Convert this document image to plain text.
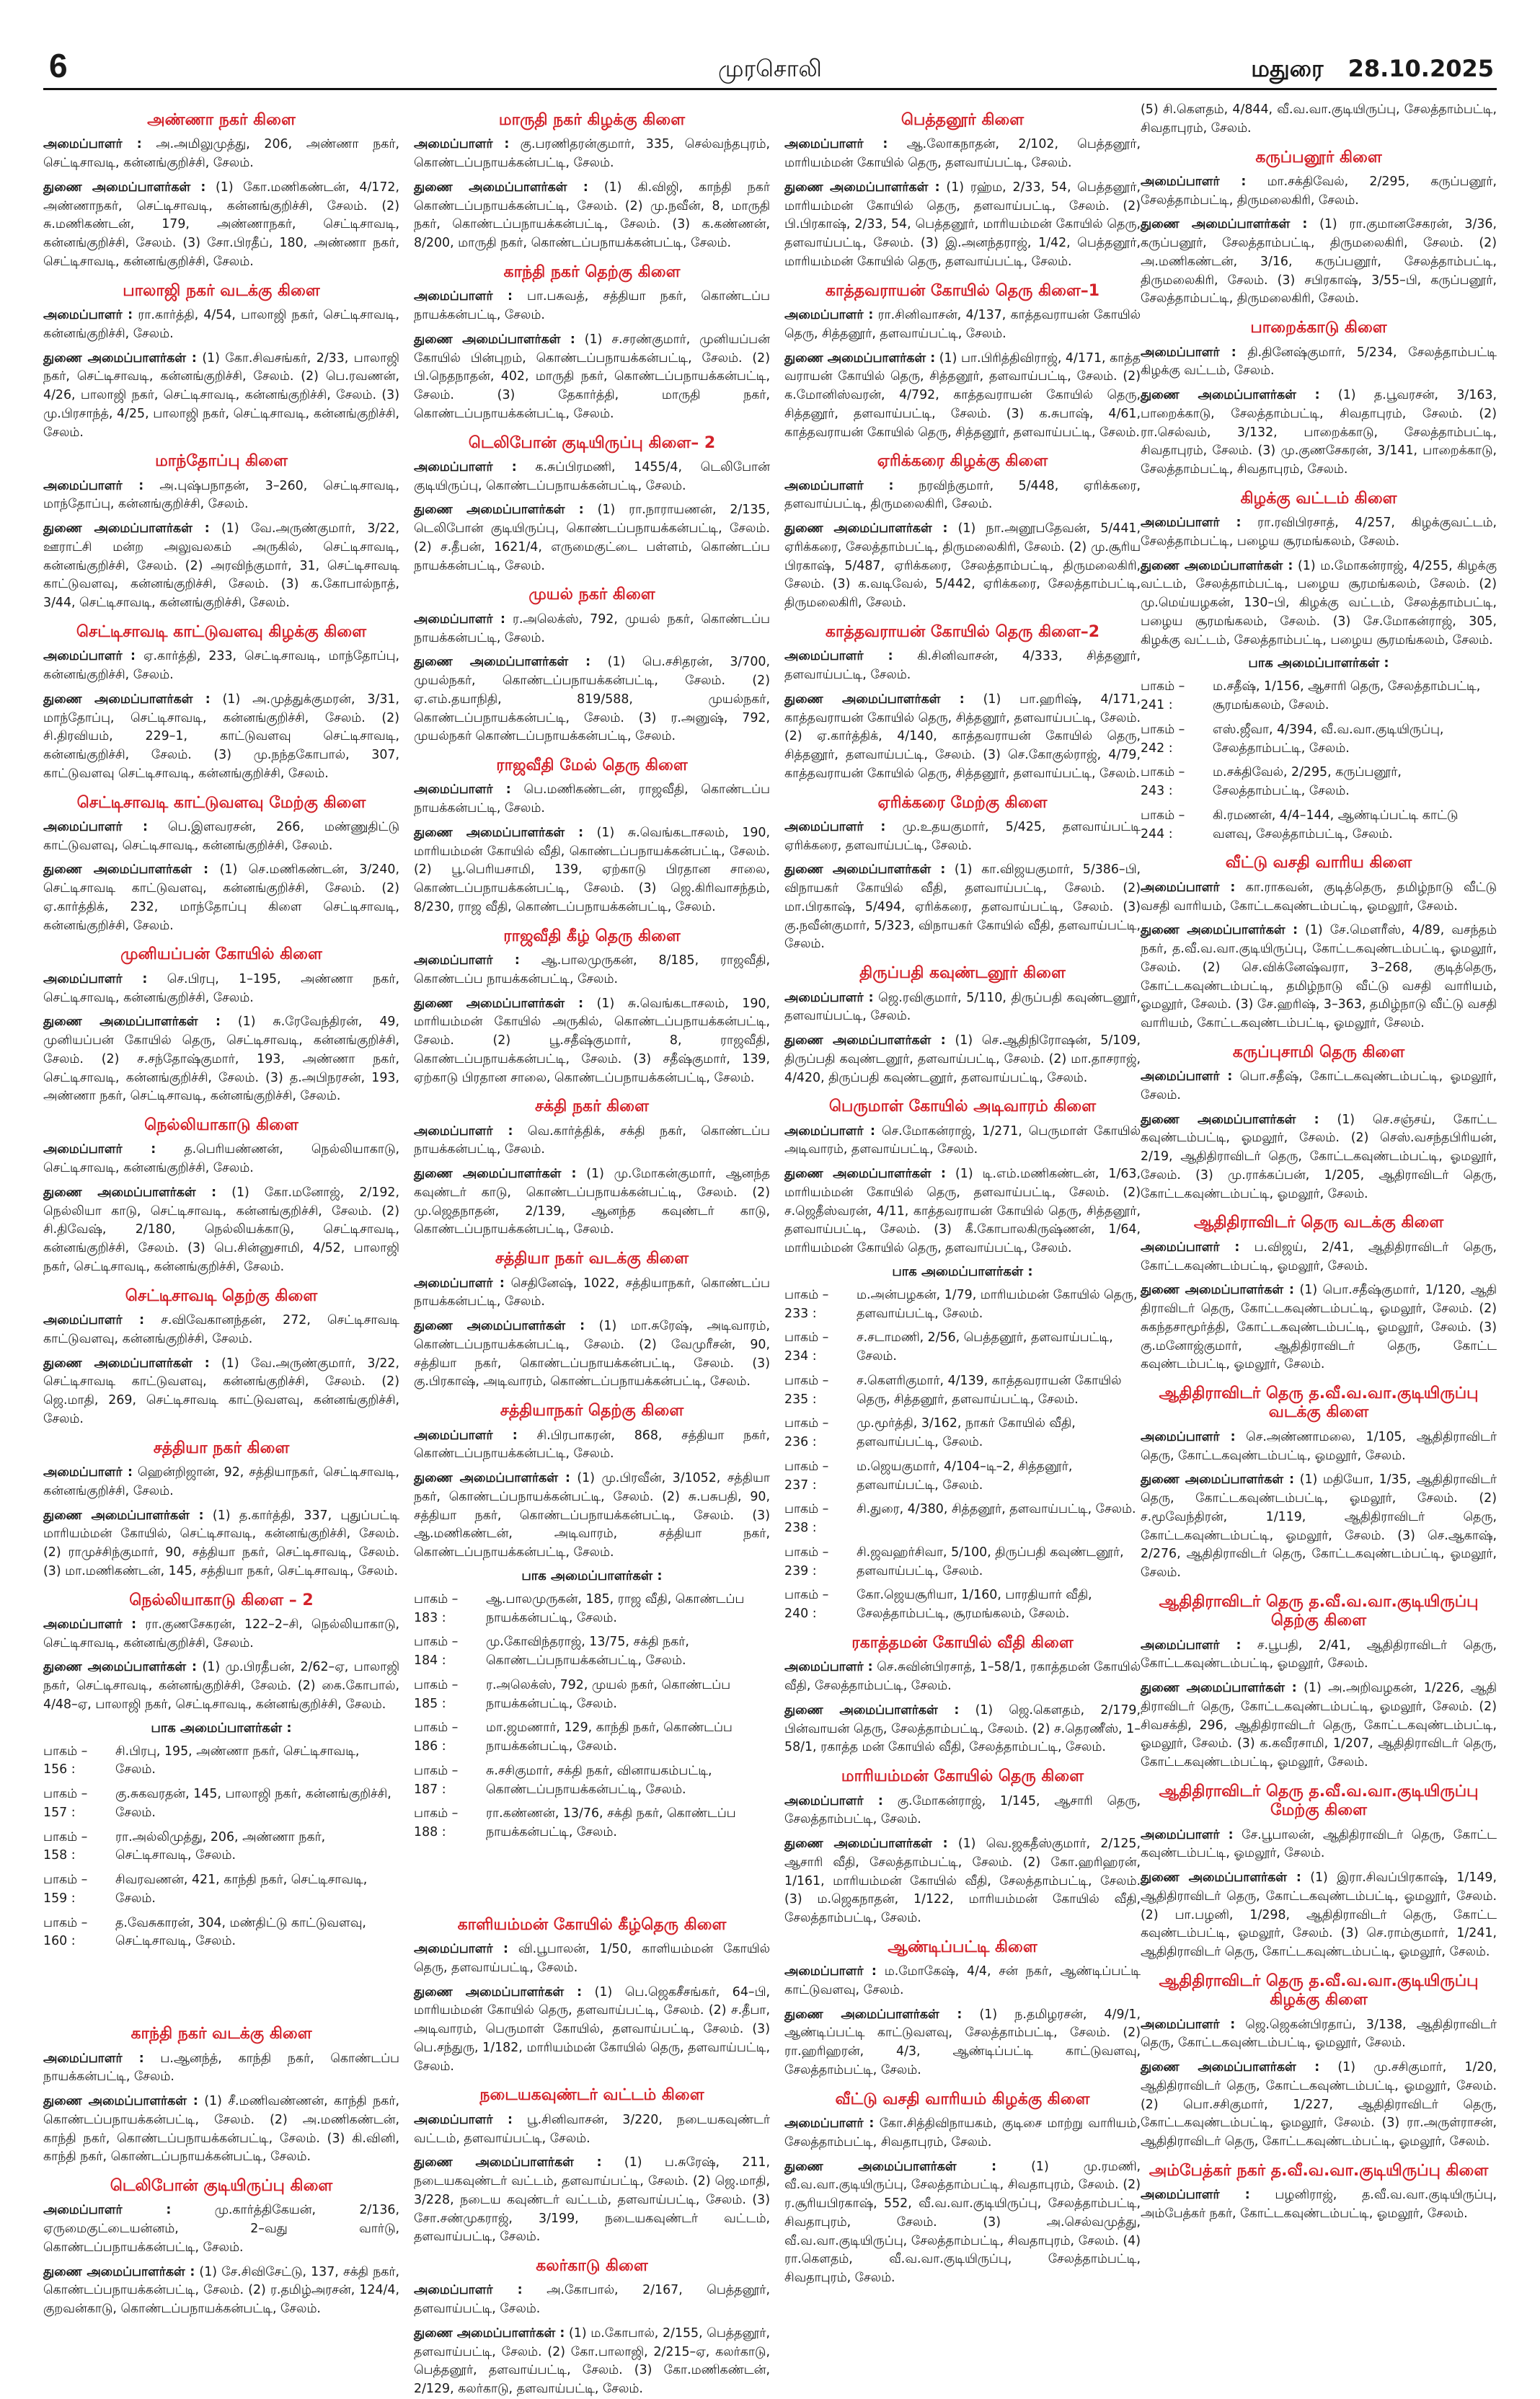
6	முரசொலி	மதுரை 28.10.2025
அண்ணா நகர் கிளை

அமைப்பாளர் : அ.அமிலுமுத்து, 206, அண்ணா நகர், செட்டிசாவடி, கன்னங்குறிச்சி, சேலம்.

துணை அமைப்பாளர்கள் : (1) கோ.மணிகண்டன், 4/172, அண்ணாநகர், செட்டிசாவடி, கன்னங்குறிச்சி, சேலம். (2) சு.மணிகண்டன், 179, அண்ணாநகர், செட்டிசாவடி, கன்னங்குறிச்சி, சேலம். (3) சோ.பிரதீப், 180, அண்ணா நகர், செட்டிசாவடி, கன்னங்குறிச்சி, சேலம்.

பாலாஜி நகர் வடக்கு கிளை

அமைப்பாளர் : ரா.கார்த்தி, 4/54, பாலாஜி நகர், செட்டிசாவடி, கன்னங்குறிச்சி, சேலம்.

துணை அமைப்பாளர்கள் : (1) கோ.சிவசங்கர், 2/33, பாலாஜி நகர், செட்டிசாவடி, கன்னங்குறிச்சி, சேலம். (2) பெ.ரவணன், 4/26, பாலாஜி நகர், செட்டிசாவடி, கன்னங்குறிச்சி, சேலம். (3) மு.பிரசாந்த், 4/25, பாலாஜி நகர், செட்டிசாவடி, கன்னங்குறிச்சி, சேலம்.

மாந்தோப்பு கிளை

அமைப்பாளர் : அ.புஷ்பநாதன், 3–260, செட்டிசாவடி, மாந்தோப்பு, கன்னங்குறிச்சி, சேலம்.

துணை அமைப்பாளர்கள் : (1) வே.அருண்குமார், 3/22, ஊராட்சி மன்ற அலுவலகம் அருகில், செட்டிசாவடி, கன்னங்குறிச்சி, சேலம். (2) அரவிந்குமார், 31, செட்டிசாவடி காட்டுவளவு, கன்னங்குறிச்சி, சேலம். (3) க.கோபால்நாத், 3/44, செட்டிசாவடி, கன்னங்குறிச்சி, சேலம்.

செட்டிசாவடி காட்டுவளவு கிழக்கு கிளை

அமைப்பாளர் : ஏ.கார்த்தி, 233, செட்டிசாவடி, மாந்தோப்பு, கன்னங்குறிச்சி, சேலம்.

துணை அமைப்பாளர்கள் : (1) அ.முத்துக்குமரன், 3/31, மாந்தோப்பு, செட்டிசாவடி, கன்னங்குறிச்சி, சேலம். (2) சி.திரவியம், 229–1, காட்டுவளவு செட்டிசாவடி, கன்னங்குறிச்சி, சேலம். (3) மு.நந்தகோபால், 307, காட்டுவளவு செட்டிசாவடி, கன்னங்குறிச்சி, சேலம்.

செட்டிசாவடி காட்டுவளவு மேற்கு கிளை

அமைப்பாளர் : பெ.இளவரசன், 266, மண்ணுதிட்டு காட்டுவளவு, செட்டிசாவடி, கன்னங்குறிச்சி, சேலம்.

துணை அமைப்பாளர்கள் : (1) செ.மணிகண்டன், 3/240, செட்டிசாவடி காட்டுவளவு, கன்னங்குறிச்சி, சேலம். (2) ஏ.கார்த்திக், 232, மாந்தோப்பு கிளை செட்டிசாவடி, கன்னங்குறிச்சி, சேலம்.

முனியப்பன் கோயில் கிளை

அமைப்பாளர் : செ.பிரபு, 1–195, அண்ணா நகர், செட்டிசாவடி, கன்னங்குறிச்சி, சேலம்.

துணை அமைப்பாளர்கள் : (1) சு.ரேவேந்திரன், 49, முனியப்பன் கோயில் தெரு, செட்டிசாவடி, கன்னங்குறிச்சி, சேலம். (2) ச.சந்தோஷ்குமார், 193, அண்ணா நகர், செட்டிசாவடி, கன்னங்குறிச்சி, சேலம். (3) த.அபிநரசன், 193, அண்ணா நகர், செட்டிசாவடி, கன்னங்குறிச்சி, சேலம்.

நெல்லியாகாடு கிளை

அமைப்பாளர் : த.பெரியண்ணன், நெல்லியாகாடு, செட்டிசாவடி, கன்னங்குறிச்சி, சேலம்.

துணை அமைப்பாளர்கள் : (1) கோ.மனோஜ், 2/192, நெல்லியா காடு, செட்டிசாவடி, கன்னங்குறிச்சி, சேலம். (2) சி.திவேஷ், 2/180, நெல்லியக்காடு, செட்டிசாவடி, கன்னங்குறிச்சி, சேலம். (3) பெ.சின்னுசாமி, 4/52, பாலாஜி நகர், செட்டிசாவடி, கன்னங்குறிச்சி, சேலம்.

செட்டிசாவடி தெற்கு கிளை

அமைப்பாளர் : ச.விவேகானந்தன், 272, செட்டிசாவடி காட்டுவளவு, கன்னங்குறிச்சி, சேலம்.

துணை அமைப்பாளர்கள் : (1) வே.அருண்குமார், 3/22, செட்டிசாவடி காட்டுவளவு, கன்னங்குறிச்சி, சேலம். (2) ஜெ.மாதி, 269, செட்டிசாவடி காட்டுவளவு, கன்னங்குறிச்சி, சேலம்.

சத்தியா நகர் கிளை

அமைப்பாளர் : ஹென்றிஜான், 92, சத்தியாநகர், செட்டிசாவடி, கன்னங்குறிச்சி, சேலம்.

துணை அமைப்பாளர்கள் : (1) த.கார்த்தி, 337, புதுப்பட்டி மாரியம்மன் கோயில், செட்டிசாவடி, கன்னங்குறிச்சி, சேலம். (2) ராமுச்சிந்குமார், 90, சத்தியா நகர், செட்டிசாவடி, சேலம். (3) மா.மணிகண்டன், 145, சத்தியா நகர், செட்டிசாவடி, சேலம்.

நெல்லியாகாடு கிளை – 2

அமைப்பாளர் : ரா.குணசேகரன், 122–2–சி, நெல்லியாகாடு, செட்டிசாவடி, கன்னங்குறிச்சி, சேலம்.

துணை அமைப்பாளர்கள் : (1) மு.பிரதீபன், 2/62–ஏ, பாலாஜி நகர், செட்டிசாவடி, கன்னங்குறிச்சி, சேலம். (2) கை.கோபால், 4/48–ஏ, பாலாஜி நகர், செட்டிசாவடி, கன்னங்குறிச்சி, சேலம்.

பாக அமைப்பாளர்கள் :
பாகம் – 156 :
சி.பிரபு, 195, அண்ணா நகர், செட்டிசாவடி, சேலம்.
பாகம் – 157 :
கு.சுகவரதன், 145, பாலாஜி நகர், கன்னங்குறிச்சி, சேலம்.
பாகம் – 158 :
ரா.அல்லிமுத்து, 206, அண்ணா நகர், செட்டிசாவடி, சேலம்.
பாகம் – 159 :
சிவரவணன், 421, காந்தி நகர், செட்டிசாவடி, சேலம்.
பாகம் – 160 :
த.வேசுகாரன், 304, மண்திட்டு காட்டுவளவு, செட்டிசாவடி, சேலம்.
காந்தி நகர் வடக்கு கிளை

அமைப்பாளர் : ப.ஆனந்த், காந்தி நகர், கொண்டப்ப நாயக்கன்பட்டி, சேலம்.

துணை அமைப்பாளர்கள் : (1) சீ.மணிவண்ணன், காந்தி நகர், கொண்டப்பநாயக்கன்பட்டி, சேலம். (2) அ.மணிகண்டன், காந்தி நகர், கொண்டப்பநாயக்கன்பட்டி, சேலம். (3) கி.வினி, காந்தி நகர், கொண்டப்பநாயக்கன்பட்டி, சேலம்.

டெலிபோன் குடியிருப்பு கிளை

அமைப்பாளர் :	மு.கார்த்திகேயன், 2/136, ஏருமைகுட்டையன்னம், 2–வது வார்டு, கொண்டப்பநாயக்கன்பட்டி, சேலம்.

துணை அமைப்பாளர்கள் : (1) சே.சிவிசேட்டு, 137, சக்தி நகர், கொண்டப்பநாயக்கன்பட்டி, சேலம். (2) ர.தமிழ்அரசன், 124/4, குறவன்காடு, கொண்டப்பநாயக்கன்பட்டி, சேலம்.

மாருதி நகர் கிழக்கு கிளை

அமைப்பாளர் : கு.பரணிதரன்குமார், 335, செல்வந்தபுரம், கொண்டப்பநாயக்கன்பட்டி, சேலம்.

துணை அமைப்பாளர்கள் : (1) கி.விஜி, காந்தி நகர் கொண்டப்பநாயக்கன்பட்டி, சேலம். (2) மு.நவீன், 8, மாருதி நகர், கொண்டப்பநாயக்கன்பட்டி, சேலம். (3) க.கண்ணன், 8/200, மாருதி நகர், கொண்டப்பநாயக்கன்பட்டி, சேலம்.

காந்தி நகர் தெற்கு கிளை

அமைப்பாளர் : பா.பசுவத், சத்தியா நகர், கொண்டப்ப நாயக்கன்பட்டி, சேலம்.

துணை அமைப்பாளர்கள் : (1) ச.சரண்குமார், முனியப்பன் கோயில் பின்புறம், கொண்டப்பநாயக்கன்பட்டி, சேலம். (2) பி.நெதநாதன், 402, மாருதி நகர், கொண்டப்பநாயக்கன்பட்டி, சேலம். (3) தேகார்த்தி, மாருதி நகர், கொண்டப்பநாயக்கன்பட்டி, சேலம்.

டெலிபோன் குடியிருப்பு கிளை– 2

அமைப்பாளர் : க.சுப்பிரமணி, 1455/4, டெலிபோன் குடியிருப்பு, கொண்டப்பநாயக்கன்பட்டி, சேலம்.

துணை அமைப்பாளர்கள் : (1) ரா.நாராயணன், 2/135, டெலிபோன் குடியிருப்பு, கொண்டப்பநாயக்கன்பட்டி, சேலம். (2) ச.தீபன், 1621/4, எருமைகுட்டை பள்ளம், கொண்டப்ப நாயக்கன்பட்டி, சேலம்.

முயல் நகர் கிளை

அமைப்பாளர் : ர.அலெக்ஸ், 792, முயல் நகர், கொண்டப்ப நாயக்கன்பட்டி, சேலம்.

துணை அமைப்பாளர்கள் : (1) பெ.சசிதரன், 3/700, முயல்நகர், கொண்டப்பநாயக்கன்பட்டி, சேலம். (2) ஏ.எம்.தயாநிதி, 819/588, முயல்நகர், கொண்டப்பநாயக்கன்பட்டி, சேலம். (3) ர.அனுஷ், 792, முயல்நகர் கொண்டப்பநாயக்கன்பட்டி, சேலம்.

ராஜவீதி மேல் தெரு கிளை

அமைப்பாளர் : பெ.மணிகண்டன், ராஜவீதி, கொண்டப்ப நாயக்கன்பட்டி, சேலம்.

துணை அமைப்பாளர்கள் : (1) சு.வெங்கடாசலம், 190, மாரியம்மன் கோயில் வீதி, கொண்டப்பநாயக்கன்பட்டி, சேலம். (2) பூ.பெரியசாமி, 139, ஏற்காடு பிரதான சாலை, கொண்டப்பநாயக்கன்பட்டி, சேலம். (3) ஜெ.கிரிவாசந்தம், 8/230, ராஜ வீதி, கொண்டப்பநாயக்கன்பட்டி, சேலம்.

ராஜவீதி கீழ் தெரு கிளை

அமைப்பாளர் : ஆ.பாலமுருகன், 8/185, ராஜவீதி, கொண்டப்ப நாயக்கன்பட்டி, சேலம்.

துணை அமைப்பாளர்கள் : (1) சு.வெங்கடாசலம், 190, மாரியம்மன் கோயில் அருகில், கொண்டப்பநாயக்கன்பட்டி, சேலம். (2) பூ.சதீஷ்குமார், 8, ராஜவீதி, கொண்டப்பநாயக்கன்பட்டி, சேலம். (3) சதீஷ்குமார், 139, ஏற்காடு பிரதான சாலை, கொண்டப்பநாயக்கன்பட்டி, சேலம்.

சக்தி நகர் கிளை

அமைப்பாளர் : வெ.கார்த்திக், சக்தி நகர், கொண்டப்ப நாயக்கன்பட்டி, சேலம்.

துணை அமைப்பாளர்கள் : (1) மு.மோகன்குமார், ஆனந்த கவுண்டர் காடு, கொண்டப்பநாயக்கன்பட்டி, சேலம். (2) மு.ஜெதநாதன், 2/139, ஆனந்த கவுண்டர் காடு, கொண்டப்பநாயக்கன்பட்டி, சேலம்.

சத்தியா நகர் வடக்கு கிளை

அமைப்பாளர் : செதினேஷ், 1022, சத்தியாநகர், கொண்டப்ப நாயக்கன்பட்டி, சேலம்.

துணை அமைப்பாளர்கள் : (1) மா.சுரேஷ், அடிவாரம், கொண்டப்பநாயக்கன்பட்டி, சேலம். (2) வேமுரீசன், 90, சத்தியா நகர், கொண்டப்பநாயக்கன்பட்டி, சேலம். (3) கு.பிரகாஷ், அடிவாரம், கொண்டப்பநாயக்கன்பட்டி, சேலம்.

சத்தியாநகர் தெற்கு கிளை

அமைப்பாளர் : சி.பிரபாகரன், 868, சத்தியா நகர், கொண்டப்பநாயக்கன்பட்டி, சேலம்.

துணை அமைப்பாளர்கள் : (1) மு.பிரவீன், 3/1052, சத்தியா நகர், கொண்டப்பநாயக்கன்பட்டி, சேலம். (2) சு.பசுபதி, 90, சத்தியா நகர், கொண்டப்பநாயக்கன்பட்டி, சேலம். (3) ஆ.மணிகண்டன், அடிவாரம், சத்தியா நகர், கொண்டப்பநாயக்கன்பட்டி, சேலம்.

பாக அமைப்பாளர்கள் :
பாகம் – 183 :
ஆ.பாலமுருகன், 185, ராஜ வீதி, கொண்டப்ப நாயக்கன்பட்டி, சேலம்.
பாகம் – 184 :
மு.கோவிந்தராஜ், 13/75, சக்தி நகர், கொண்டப்பநாயக்கன்பட்டி, சேலம்.
பாகம் – 185 :
ர.அலெக்ஸ், 792, முயல் நகர், கொண்டப்ப நாயக்கன்பட்டி, சேலம்.
பாகம் – 186 :
மா.ஜமணார், 129, காந்தி நகர், கொண்டப்ப நாயக்கன்பட்டி, சேலம்.
பாகம் – 187 :
சு.சசிகுமார், சக்தி நகர், வினாயகம்பட்டி, கொண்டப்பநாயக்கன்பட்டி, சேலம்.
பாகம் – 188 :
ரா.கண்ணன், 13/76, சக்தி நகர், கொண்டப்ப நாயக்கன்பட்டி, சேலம்.
காளியம்மன் கோயில் கீழ்தெரு கிளை

அமைப்பாளர் : வி.பூபாலன், 1/50, காளியம்மன் கோயில் தெரு, தளவாய்பட்டி, சேலம்.

துணை அமைப்பாளர்கள் : (1) பெ.ஜெகசீசங்கர், 64–பி, மாரியம்மன் கோயில் தெரு, தளவாய்பட்டி, சேலம். (2) ச.தீபா, அடிவாரம், பெருமாள் கோயில், தளவாய்பட்டி, சேலம். (3) பெ.சந்துரு, 1/182, மாரியம்மன் கோயில் தெரு, தளவாய்பட்டி, சேலம்.

நடையகவுண்டர் வட்டம் கிளை

அமைப்பாளர் : பூ.சினிவாசன், 3/220, நடையகவுண்டர் வட்டம், தளவாய்பட்டி, சேலம்.

துணை அமைப்பாளர்கள் : (1) ப.சுரேஷ், 211, நடையகவுண்டர் வட்டம், தளவாய்பட்டி, சேலம். (2) ஜெ.மாதி, 3/228, நடைய கவுண்டர் வட்டம், தளவாய்பட்டி, சேலம். (3) சோ.சண்முகராஜ், 3/199, நடையகவுண்டர் வட்டம், தளவாய்பட்டி, சேலம்.

கலர்காடு கிளை

அமைப்பாளர் : அ.கோபால், 2/167, பெத்தனூர், தளவாய்பட்டி, சேலம்.

துணை அமைப்பாளர்கள் : (1) ம.கோபால், 2/155, பெத்தனூர், தளவாய்பட்டி, சேலம். (2) கோ.பாலாஜி, 2/215–ஏ, கலர்காடு, பெத்தனூர், தளவாய்பட்டி, சேலம். (3) கோ.மணிகண்டன், 2/129, கலர்காடு, தளவாய்பட்டி, சேலம்.

பெத்தனூர் கிளை

அமைப்பாளர் : ஆ.லோகநாதன், 2/102, பெத்தனூர், மாரியம்மன் கோயில் தெரு, தளவாய்பட்டி, சேலம்.

துணை அமைப்பாளர்கள் : (1) ரஹ்ம, 2/33, 54, பெத்தனூர், மாரியம்மன் கோயில் தெரு, தளவாய்பட்டி, சேலம். (2) பி.பிரகாஷ், 2/33, 54, பெத்தனூர், மாரியம்மன் கோயில் தெரு, தளவாய்பட்டி, சேலம். (3) இ.அனந்தராஜ், 1/42, பெத்தனூர், மாரியம்மன் கோயில் தெரு, தளவாய்பட்டி, சேலம்.

காத்தவராயன் கோயில் தெரு கிளை–1

அமைப்பாளர் : ரா.சினிவாசன், 4/137, காத்தவராயன் கோயில் தெரு, சித்தனூர், தளவாய்பட்டி, சேலம்.

துணை அமைப்பாளர்கள் : (1) பா.பிரித்திவிராஜ், 4/171, காத்த வராயன் கோயில் தெரு, சித்தனூர், தளவாய்பட்டி, சேலம். (2) க.மோனிஸ்வரன், 4/792, காத்தவராயன் கோயில் தெரு, சித்தனூர், தளவாய்பட்டி, சேலம். (3) க.சுபாஷ், 4/61, காத்தவராயன் கோயில் தெரு, சித்தனூர், தளவாய்பட்டி, சேலம்.

ஏரிக்கரை கிழக்கு கிளை

அமைப்பாளர் : நரவிந்குமார், 5/448, ஏரிக்கரை, தளவாய்பட்டி, திருமலைகிரி, சேலம்.

துணை அமைப்பாளர்கள் : (1) நா.அனூபதேவன், 5/441, ஏரிக்கரை, சேலத்தாம்பட்டி, திருமலைகிரி, சேலம். (2) மு.சூரிய பிரகாஷ், 5/487, ஏரிக்கரை, சேலத்தாம்பட்டி, திருமலைகிரி, சேலம். (3) க.வடிவேல், 5/442, ஏரிக்கரை, சேலத்தாம்பட்டி, திருமலைகிரி, சேலம்.

காத்தவராயன் கோயில் தெரு கிளை–2

அமைப்பாளர் : கி.சினிவாசன், 4/333, சித்தனூர், தளவாய்பட்டி, சேலம்.

துணை அமைப்பாளர்கள் : (1) பா.ஹரிஷ், 4/171, காத்தவராயன் கோயில் தெரு, சித்தனூர், தளவாய்பட்டி, சேலம். (2) ஏ.கார்த்திக், 4/140, காத்தவராயன் கோயில் தெரு, சித்தனூர், தளவாய்பட்டி, சேலம். (3) செ.கோகுல்ராஜ், 4/79, காத்தவராயன் கோயில் தெரு, சித்தனூர், தளவாய்பட்டி, சேலம்.

ஏரிக்கரை மேற்கு கிளை

அமைப்பாளர் : மு.உதயகுமார், 5/425, தளவாய்பட்டி ஏரிக்கரை, தளவாய்பட்டி, சேலம்.

துணை அமைப்பாளர்கள் : (1) கா.விஜயகுமார், 5/386–பி, விநாயகர் கோயில் வீதி, தளவாய்பட்டி, சேலம். (2) மா.பிரகாஷ், 5/494, ஏரிக்கரை, தளவாய்பட்டி, சேலம். (3) கு.நவீன்குமார், 5/323, விநாயகர் கோயில் வீதி, தளவாய்பட்டி, சேலம்.

திருப்பதி கவுண்டனூர் கிளை

அமைப்பாளர் : ஜெ.ரவிகுமார், 5/110, திருப்பதி கவுண்டனூர், தளவாய்பட்டி, சேலம்.

துணை அமைப்பாளர்கள் : (1) செ.ஆதிநிரோஷன், 5/109, திருப்பதி கவுண்டனூர், தளவாய்பட்டி, சேலம். (2) மா.தாசராஜ், 4/420, திருப்பதி கவுண்டனூர், தளவாய்பட்டி, சேலம்.

பெருமாள் கோயில் அடிவாரம் கிளை

அமைப்பாளர் : செ.மோகன்ராஜ், 1/271, பெருமாள் கோயில் அடிவாரம், தளவாய்பட்டி, சேலம்.

துணை அமைப்பாளர்கள் : (1) டி.எம்.மணிகண்டன், 1/63, மாரியம்மன் கோயில் தெரு, தளவாய்பட்டி, சேலம். (2) ச.ஜெதீஸ்வரன், 4/11, காத்தவராயன் கோயில் தெரு, சித்தனூர், தளவாய்பட்டி, சேலம். (3) கீ.கோபாலகிருஷ்ணன், 1/64, மாரியம்மன் கோயில் தெரு, தளவாய்பட்டி, சேலம்.

பாக அமைப்பாளர்கள் :
பாகம் – 233 :
ம.அன்பழகன், 1/79, மாரியம்மன் கோயில் தெரு, தளவாய்பட்டி, சேலம்.
பாகம் – 234 :
ச.சடாமணி, 2/56, பெத்தனூர், தளவாய்பட்டி, சேலம்.
பாகம் – 235 :
ச.கௌரிகுமார், 4/139, காத்தவராயன் கோயில் தெரு, சித்தனூர், தளவாய்பட்டி, சேலம்.
பாகம் – 236 :
மு.மூர்த்தி, 3/162, நாகர் கோயில் வீதி, தளவாய்பட்டி, சேலம்.
பாகம் – 237 :
ம.ஜெயகுமார், 4/104–டி–2, சித்தனூர், தளவாய்பட்டி, சேலம்.
பாகம் – 238 :
சி.துரை, 4/380, சித்தனூர், தளவாய்பட்டி, சேலம்.
பாகம் – 239 :
சி.ஜவஹர்சிவா, 5/100, திருப்பதி கவுண்டனூர், தளவாய்பட்டி, சேலம்.
பாகம் – 240 :
கோ.ஜெயசூரியா, 1/160, பாரதியார் வீதி, சேலத்தாம்பட்டி, சூரமங்கலம், சேலம்.
ரகாத்தமன் கோயில் வீதி கிளை

அமைப்பாளர் : செ.சுவின்பிரசாத், 1–58/1, ரகாத்தமன் கோயில் வீதி, சேலத்தாம்பட்டி, சேலம்.

துணை அமைப்பாளர்கள் : (1) ஜெ.கௌதம், 2/179, பின்வாயன் தெரு, சேலத்தாம்பட்டி, சேலம். (2) ச.தெரணீஸ், 1–58/1, ரகாத்த மன் கோயில் வீதி, சேலத்தாம்பட்டி, சேலம்.

மாரியம்மன் கோயில் தெரு கிளை

அமைப்பாளர் : கு.மோகன்ராஜ், 1/145, ஆசாரி தெரு, சேலத்தாம்பட்டி, சேலம்.

துணை அமைப்பாளர்கள் : (1) வெ.ஜகதீஸ்குமார், 2/125, ஆசாரி வீதி, சேலத்தாம்பட்டி, சேலம். (2) கோ.ஹரிஹரன், 1/161, மாரியம்மன் கோயில் வீதி, சேலத்தாம்பட்டி, சேலம். (3) ம.ஜெகநாதன், 1/122, மாரியம்மன் கோயில் வீதி, சேலத்தாம்பட்டி, சேலம்.

ஆண்டிப்பட்டி கிளை

அமைப்பாளர் : ம.மோகேஷ், 4/4, சன் நகர், ஆண்டிப்பட்டி காட்டுவளவு, சேலம்.

துணை அமைப்பாளர்கள் : (1) ந.தமிழரசன், 4/9/1, ஆண்டிப்பட்டி காட்டுவளவு, சேலத்தாம்பட்டி, சேலம். (2) ரா.ஹரிஹரன், 4/3, ஆண்டிப்பட்டி காட்டுவளவு, சேலத்தாம்பட்டி, சேலம்.

வீட்டு வசதி வாரியம் கிழக்கு கிளை

அமைப்பாளர் : கோ.சித்திவிநாயகம், குடிசை மாற்று வாரியம், சேலத்தாம்பட்டி, சிவதாபுரம், சேலம்.

துணை அமைப்பாளர்கள் :	(1) மு.ரமணி, வீ.வ.வா.குடியிருப்பு, சேலத்தாம்பட்டி, சிவதாபுரம், சேலம். (2) ர.சூரியபிரகாஷ், 552, வீ.வ.வா.குடியிருப்பு, சேலத்தாம்பட்டி, சிவதாபுரம், சேலம். (3) அ.செல்வமுத்து, வீ.வ.வா.குடியிருப்பு, சேலத்தாம்பட்டி, சிவதாபுரம், சேலம். (4) ரா.கௌதம், வீ.வ.வா.குடியிருப்பு, சேலத்தாம்பட்டி, சிவதாபுரம், சேலம்.

(5) சி.கௌதம், 4/844, வீ.வ.வா.குடியிருப்பு, சேலத்தாம்பட்டி, சிவதாபுரம், சேலம்.

கருப்பனூர் கிளை

அமைப்பாளர் : மா.சக்திவேல், 2/295, கருப்பனூர், சேலத்தாம்பட்டி, திருமலைகிரி, சேலம்.

துணை அமைப்பாளர்கள் : (1) ரா.குமானசேகரன், 3/36, கருப்பனூர், சேலத்தாம்பட்டி, திருமலைகிரி, சேலம். (2) அ.மணிகண்டன், 3/16, கருப்பனூர், சேலத்தாம்பட்டி, திருமலைகிரி, சேலம். (3) சபிரகாஷ், 3/55–பி, கருப்பனூர், சேலத்தாம்பட்டி, திருமலைகிரி, சேலம்.

பாறைக்காடு கிளை

அமைப்பாளர் : தி.தினேஷ்குமார், 5/234, சேலத்தாம்பட்டி கிழக்கு வட்டம், சேலம்.

துணை அமைப்பாளர்கள் : (1) த.பூவரசன், 3/163, பாறைக்காடு, சேலத்தாம்பட்டி, சிவதாபுரம், சேலம். (2) ரா.செல்வம், 3/132, பாறைக்காடு, சேலத்தாம்பட்டி, சிவதாபுரம், சேலம். (3) மு.குணசேகரன், 3/141, பாறைக்காடு, சேலத்தாம்பட்டி, சிவதாபுரம், சேலம்.

கிழக்கு வட்டம் கிளை

அமைப்பாளர் : ரா.ரவிபிரசாத், 4/257, கிழக்குவட்டம், சேலத்தாம்பட்டி, பழைய சூரமங்கலம், சேலம்.

துணை அமைப்பாளர்கள் : (1) ம.மோகன்ராஜ், 4/255, கிழக்கு வட்டம், சேலத்தாம்பட்டி, பழைய சூரமங்கலம், சேலம். (2) மு.மெய்யழகன், 130–பி, கிழக்கு வட்டம், சேலத்தாம்பட்டி, பழைய சூரமங்கலம், சேலம். (3) சே.மோகன்ராஜ், 305, கிழக்கு வட்டம், சேலத்தாம்பட்டி, பழைய சூரமங்கலம், சேலம்.

பாக அமைப்பாளர்கள் :
பாகம் – 241 :
ம.சதீஷ், 1/156, ஆசாரி தெரு, சேலத்தாம்பட்டி, சூரமங்கலம், சேலம்.
பாகம் – 242 :
எஸ்.ஜீவா, 4/394, வீ.வ.வா.குடியிருப்பு, சேலத்தாம்பட்டி, சேலம்.
பாகம் – 243 :
ம.சக்திவேல், 2/295, கருப்பனூர், சேலத்தாம்பட்டி, சேலம்.
பாகம் – 244 :
கி.ரமணன், 4/4–144, ஆண்டிப்பட்டி காட்டு வளவு, சேலத்தாம்பட்டி, சேலம்.
வீட்டு வசதி வாரிய கிளை

அமைப்பாளர் : கா.ராகவன், குடித்தெரு, தமிழ்நாடு வீட்டு வசதி வாரியம், கோட்டகவுண்டம்பட்டி, ஓமலூர், சேலம்.

துணை அமைப்பாளர்கள் : (1) சே.மௌரீஸ், 4/89, வசந்தம் நகர், த.வீ.வ.வா.குடியிருப்பு, கோட்டகவுண்டம்பட்டி, ஓமலூர், சேலம். (2) செ.விக்னேஷ்வரா, 3–268, குடித்தெரு, கோட்டகவுண்டம்பட்டி, தமிழ்நாடு வீட்டு வசதி வாரியம், ஓமலூர், சேலம். (3) சே.ஹரிஷ், 3–363, தமிழ்நாடு வீட்டு வசதி வாரியம், கோட்டகவுண்டம்பட்டி, ஓமலூர், சேலம்.

கருப்புசாமி தெரு கிளை

அமைப்பாளர் : பொ.சதீஷ், கோட்டகவுண்டம்பட்டி, ஓமலூர், சேலம்.

துணை அமைப்பாளர்கள் : (1) செ.சஞ்சய், கோட்ட கவுண்டம்பட்டி, ஓமலூர், சேலம். (2) செஸ்.வசந்தபிரியன், 2/19, ஆதிதிராவிடர் தெரு, கோட்டகவுண்டம்பட்டி, ஓமலூர், சேலம். (3) மு.ராக்கப்பன், 1/205, ஆதிராவிடர் தெரு, கோட்டகவுண்டம்பட்டி, ஓமலூர், சேலம்.

ஆதிதிராவிடர் தெரு வடக்கு கிளை

அமைப்பாளர் : ப.விஜய், 2/41, ஆதிதிராவிடர் தெரு, கோட்டகவுண்டம்பட்டி, ஓமலூர், சேலம்.

துணை அமைப்பாளர்கள் : (1) பொ.சதீஷ்குமார், 1/120, ஆதி திராவிடர் தெரு, கோட்டகவுண்டம்பட்டி, ஓமலூர், சேலம். (2) சுகந்தசாமூர்த்தி, கோட்டகவுண்டம்பட்டி, ஓமலூர், சேலம். (3) கு.மனோஜ்குமார், ஆதிதிராவிடர் தெரு, கோட்ட கவுண்டம்பட்டி, ஓமலூர், சேலம்.

ஆதிதிராவிடர் தெரு த.வீ.வ.வா.குடியிருப்பு வடக்கு கிளை

அமைப்பாளர் : செ.அண்ணாமலை, 1/105, ஆதிதிராவிடர் தெரு, கோட்டகவுண்டம்பட்டி, ஓமலூர், சேலம்.

துணை அமைப்பாளர்கள் : (1) மதியோ, 1/35, ஆதிதிராவிடர் தெரு, கோட்டகவுண்டம்பட்டி, ஓமலூர், சேலம். (2) ச.மூவேந்திரன், 1/119, ஆதிதிராவிடர் தெரு, கோட்டகவுண்டம்பட்டி, ஓமலூர், சேலம். (3) செ.ஆகாஷ், 2/276, ஆதிதிராவிடர் தெரு, கோட்டகவுண்டம்பட்டி, ஓமலூர், சேலம்.

ஆதிதிராவிடர் தெரு த.வீ.வ.வா.குடியிருப்பு தெற்கு கிளை

அமைப்பாளர் : ச.பூபதி, 2/41, ஆதிதிராவிடர் தெரு, கோட்டகவுண்டம்பட்டி, ஓமலூர், சேலம்.

துணை அமைப்பாளர்கள் : (1) அ.அறிவழகன், 1/226, ஆதி திராவிடர் தெரு, கோட்டகவுண்டம்பட்டி, ஓமலூர், சேலம். (2) சிவசக்தி, 296, ஆதிதிராவிடர் தெரு, கோட்டகவுண்டம்பட்டி, ஓமலூர், சேலம். (3) க.கவீரசாமி, 1/207, ஆதிதிராவிடர் தெரு, கோட்டகவுண்டம்பட்டி, ஓமலூர், சேலம்.

ஆதிதிராவிடர் தெரு த.வீ.வ.வா.குடியிருப்பு மேற்கு கிளை

அமைப்பாளர் : சே.பூபாலன், ஆதிதிராவிடர் தெரு, கோட்ட கவுண்டம்பட்டி, ஓமலூர், சேலம்.

துணை அமைப்பாளர்கள் : (1) இரா.சிவப்பிரகாஷ், 1/149, ஆதிதிராவிடர் தெரு, கோட்டகவுண்டம்பட்டி, ஓமலூர், சேலம். (2) பா.பழனி, 1/298, ஆதிதிராவிடர் தெரு, கோட்ட கவுண்டம்பட்டி, ஓமலூர், சேலம். (3) செ.ராம்குமார், 1/241, ஆதிதிராவிடர் தெரு, கோட்டகவுண்டம்பட்டி, ஓமலூர், சேலம்.

ஆதிதிராவிடர் தெரு த.வீ.வ.வா.குடியிருப்பு கிழக்கு கிளை

அமைப்பாளர் : ஜெ.ஜெகன்பிரதாப், 3/138, ஆதிதிராவிடர் தெரு, கோட்டகவுண்டம்பட்டி, ஓமலூர், சேலம்.

துணை அமைப்பாளர்கள் : (1) மு.சசிகுமார், 1/20, ஆதிதிராவிடர் தெரு, கோட்டகவுண்டம்பட்டி, ஓமலூர், சேலம். (2) பொ.சசிகுமார், 1/227, ஆதிதிராவிடர் தெரு, கோட்டகவுண்டம்பட்டி, ஓமலூர், சேலம். (3) ரா.அருள்ராசன், ஆதிதிராவிடர் தெரு, கோட்டகவுண்டம்பட்டி, ஓமலூர், சேலம்.

அம்பேத்கர் நகர் த.வீ.வ.வா.குடியிருப்பு கிளை

அமைப்பாளர் : பழனிராஜ், த.வீ.வ.வா.குடியிருப்பு, அம்பேத்கர் நகர், கோட்டகவுண்டம்பட்டி, ஓமலூர், சேலம்.
